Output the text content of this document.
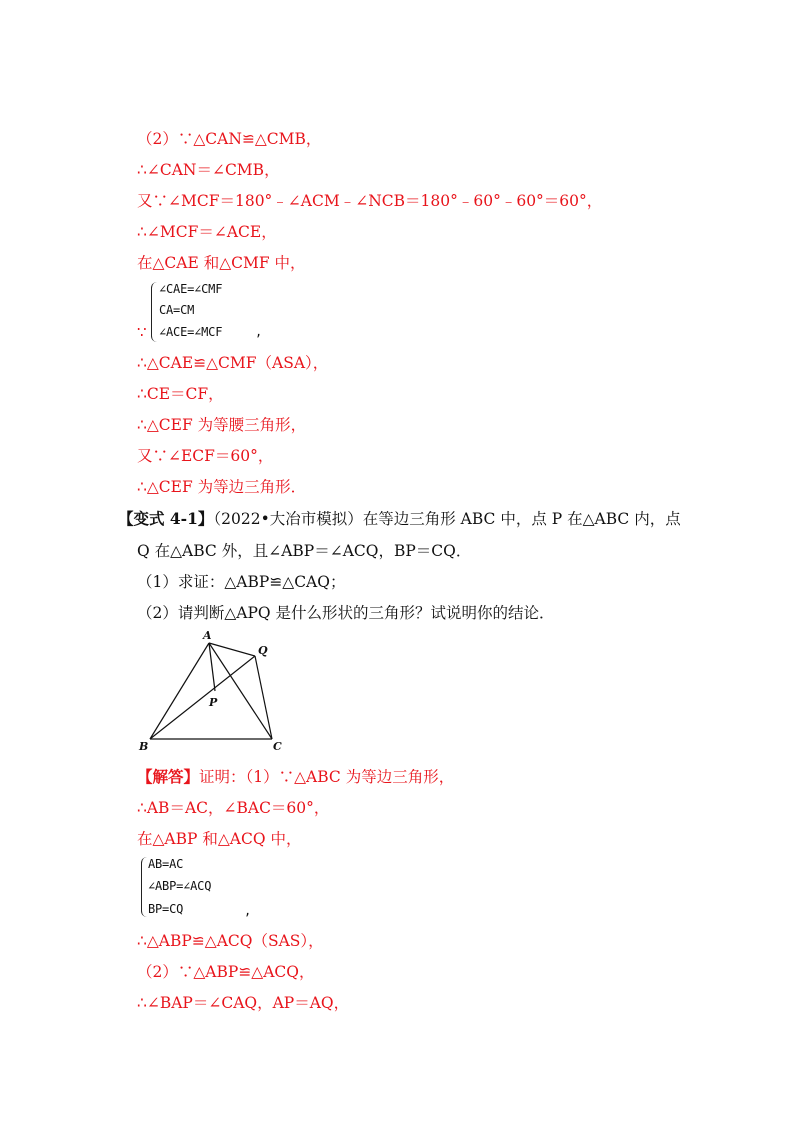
（2）∵△CAN≌△CMB，
∴∠CAN＝∠CMB，
又∵∠MCF＝180°﹣∠ACM﹣∠NCB＝180°﹣60°﹣60°＝60°，
∴∠MCF＝∠ACE，
在△CAE 和△CMF 中，
∵
∠CAE=∠CMF
CA=CM
∠ACE=∠MCF	,
∴△CAE≌△CMF（ASA），
∴CE＝CF，
∴△CEF 为等腰三角形，
又∵∠ECF＝60°，
∴△CEF 为等边三角形．
【变式 4-1】（2022•大冶市模拟）在等边三角形 ABC 中，点 P 在△ABC 内，点
Q 在△ABC 外，且∠ABP＝∠ACQ，BP＝CQ．
（1）求证：△ABP≌△CAQ；
（2）请判断△APQ 是什么形状的三角形？试说明你的结论．
A
Q
P
B	C
【解答】证明：（1）∵△ABC 为等边三角形，
∴AB＝AC，∠BAC＝60°，
在△ABP 和△ACQ 中，
AB=AC
∠ABP=∠ACQ
BP=CQ	,
∴△ABP≌△ACQ（SAS），
（2）∵△ABP≌△ACQ，
∴∠BAP＝∠CAQ，AP＝AQ，
